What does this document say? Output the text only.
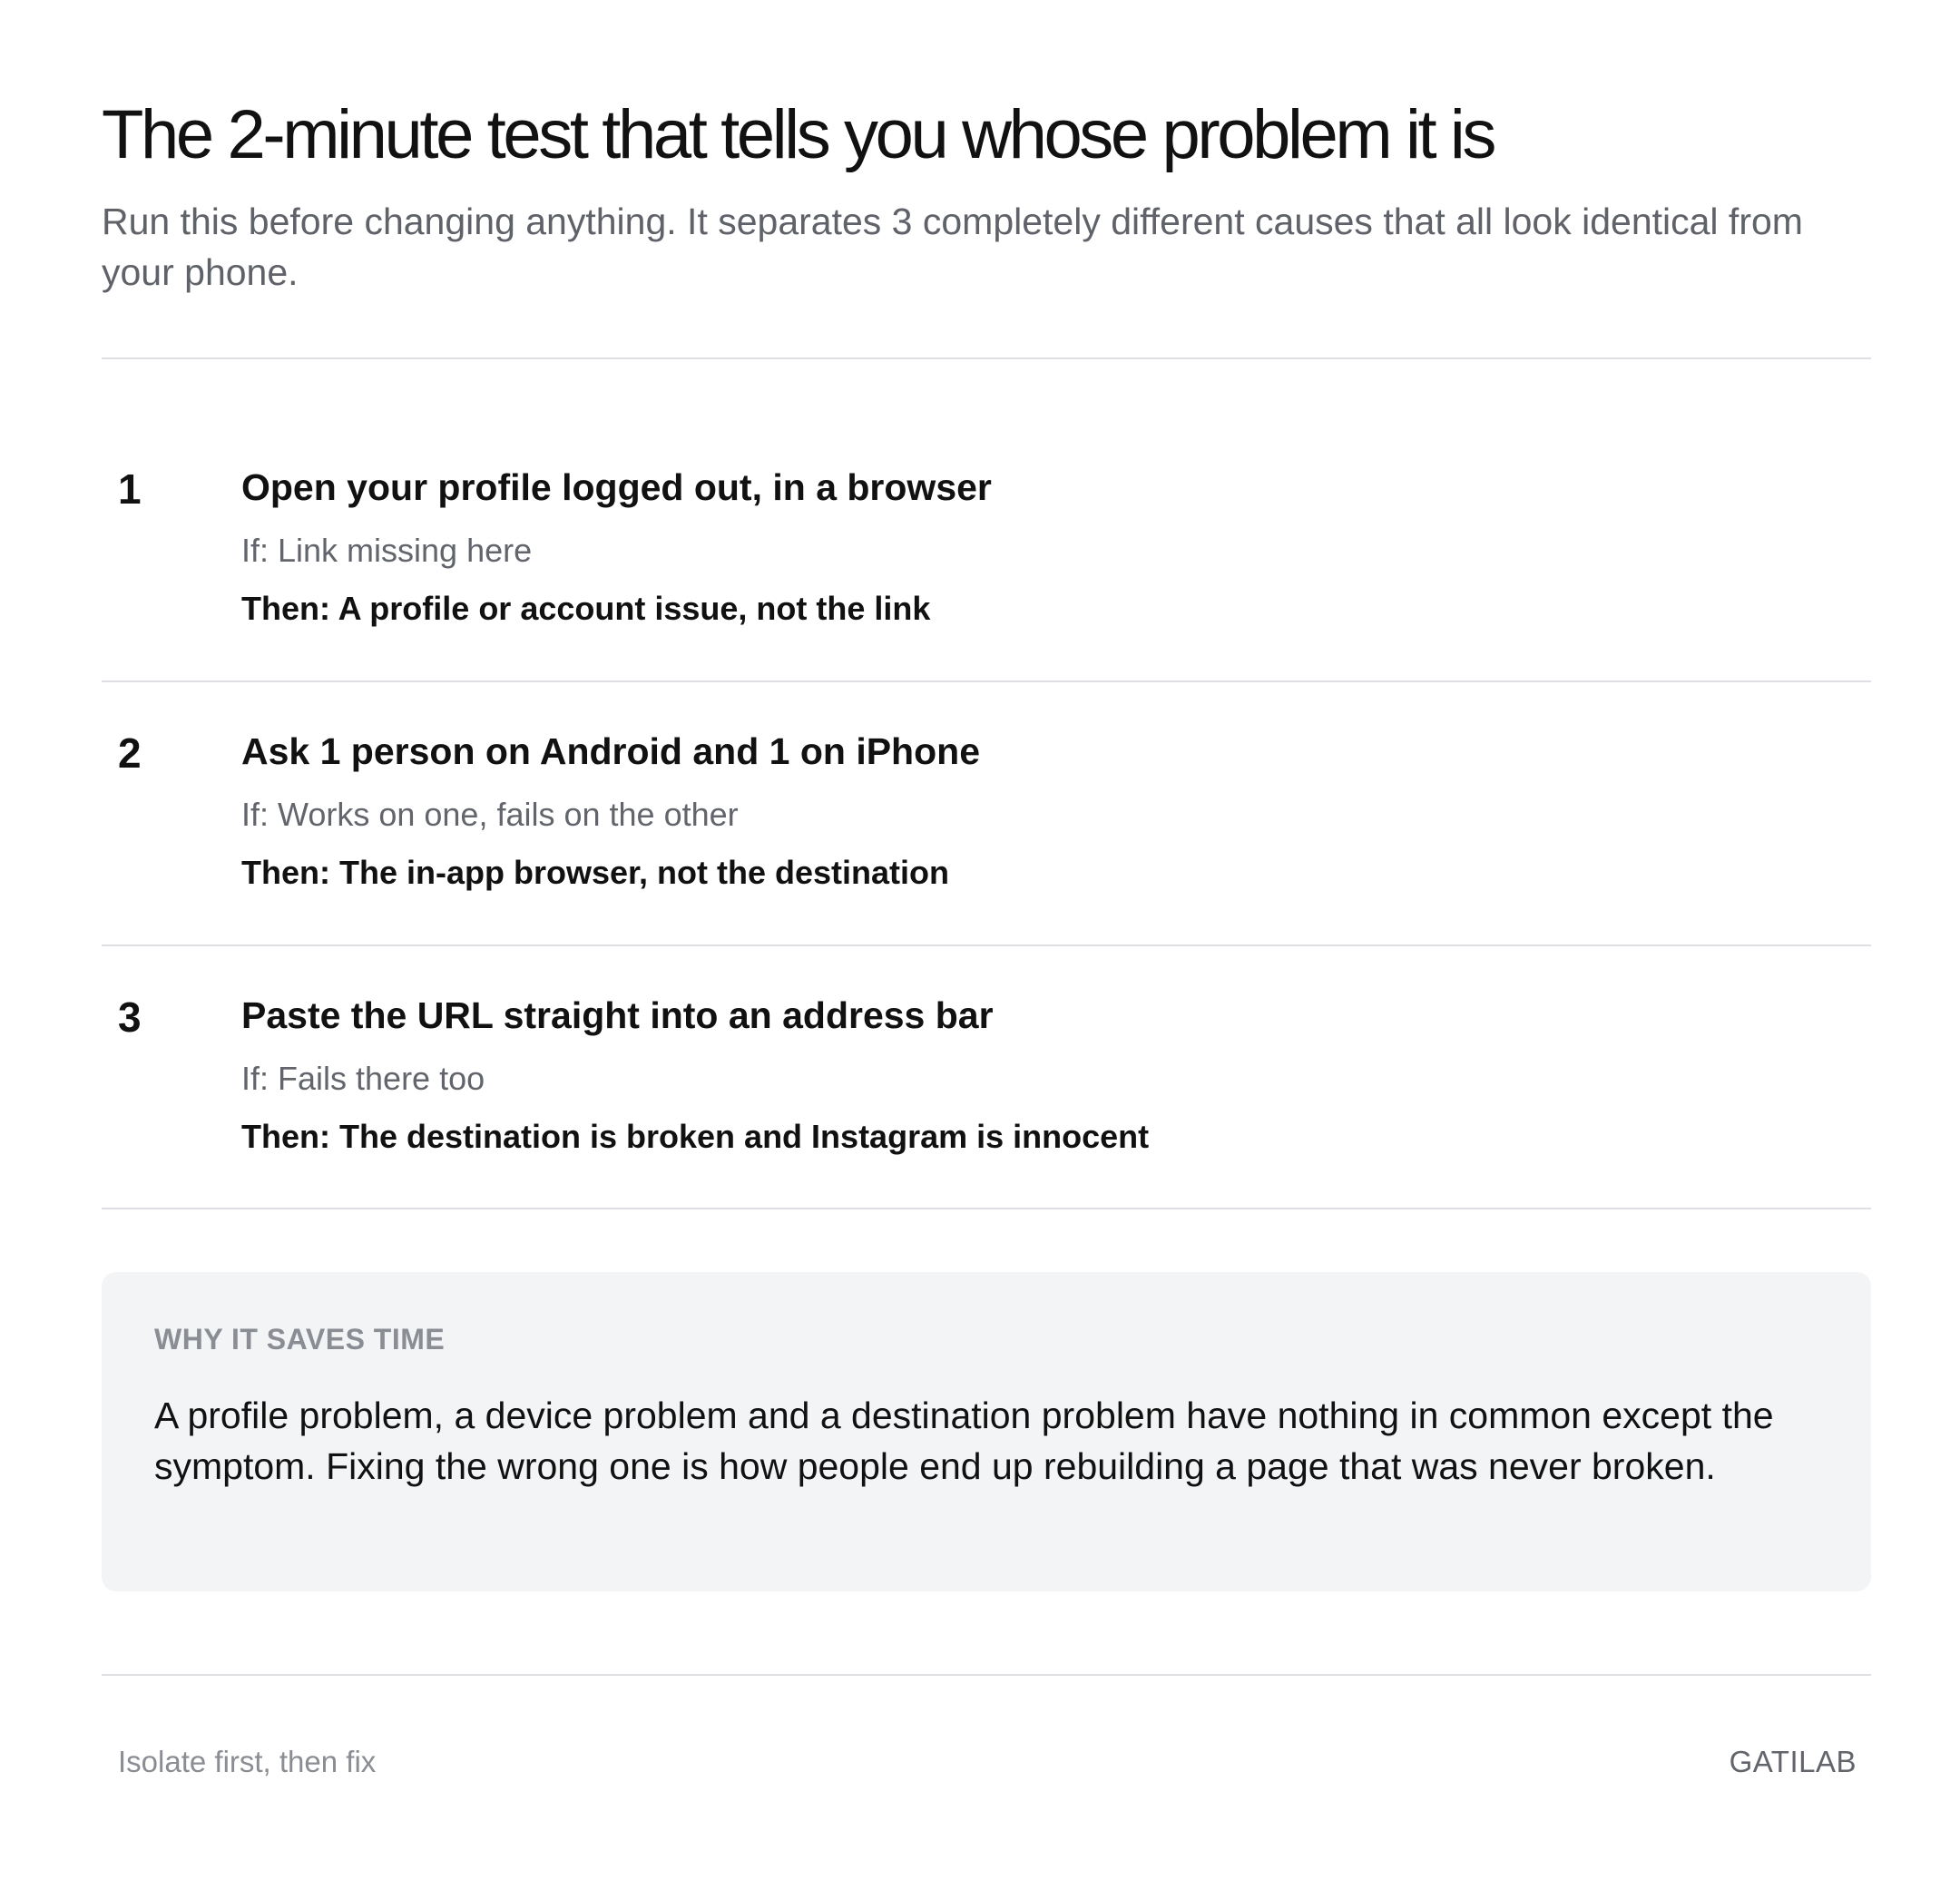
The 2-minute test that tells you whose problem it is

Run this before changing anything. It separates 3 completely different causes that all look identical from your phone.

1	Open your profile logged out, in a browser
If: Link missing here
Then: A profile or account issue, not the link
2	Ask 1 person on Android and 1 on iPhone
If: Works on one, fails on the other
Then: The in-app browser, not the destination
3	Paste the URL straight into an address bar
If: Fails there too
Then: The destination is broken and Instagram is innocent
WHY IT SAVES TIME

A profile problem, a device problem and a destination problem have nothing in common except the symptom. Fixing the wrong one is how people end up rebuilding a page that was never broken.

Isolate first, then fix	GATILAB
